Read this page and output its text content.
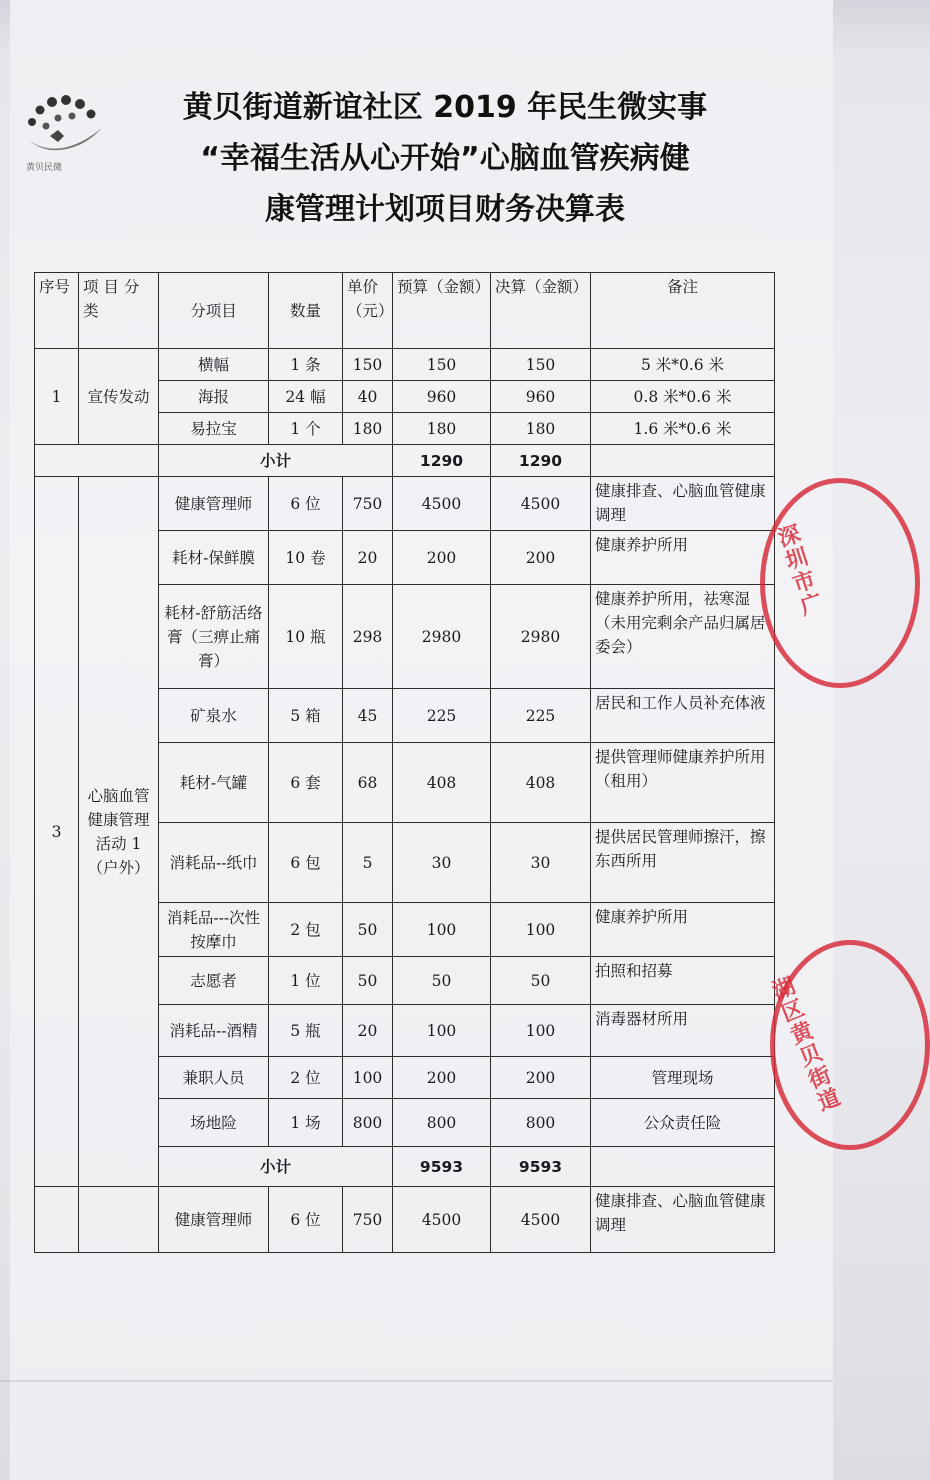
黄贝民微
黄贝街道新谊社区 2019 年民生微实事
“幸福生活从心开始”心脑血管疾病健
康管理计划项目财务决算表
序号	项 目 分类	分项目	数量	单价（元）	预算（金额）	决算（金额）	备注
1	宣传发动	横幅	1 条	150	150	150	5 米*0.6 米
		海报	24 幅	40	960	960	0.8 米*0.6 米
		易拉宝	1 个	180	180	180	1.6 米*0.6 米
		小计			1290	1290	
3	心脑血管健康管理活动 1（户外）	健康管理师	6 位	750	4500	4500	健康排查、心脑血管健康调理
		耗材-保鲜膜	10 卷	20	200	200	健康养护所用
		耗材-舒筋活络膏（三痹止痛膏）	10 瓶	298	2980	2980	健康养护所用，祛寒湿（未用完剩余产品归属居委会）
		矿泉水	5 箱	45	225	225	居民和工作人员补充体液
		耗材-气罐	6 套	68	408	408	提供管理师健康养护所用（租用）
		消耗品--纸巾	6 包	5	30	30	提供居民管理师擦汗，擦东西所用
		消耗品---次性按摩巾	2 包	50	100	100	健康养护所用
		志愿者	1 位	50	50	50	拍照和招募
		消耗品--酒精	5 瓶	20	100	100	消毒器材所用
		兼职人员	2 位	100	200	200	管理现场
		场地险	1 场	800	800	800	公众责任险
		小计			9593	9593	
		健康管理师	6 位	750	4500	4500	健康排查、心脑血管健康调理
深圳市广
湖区黄贝街道
